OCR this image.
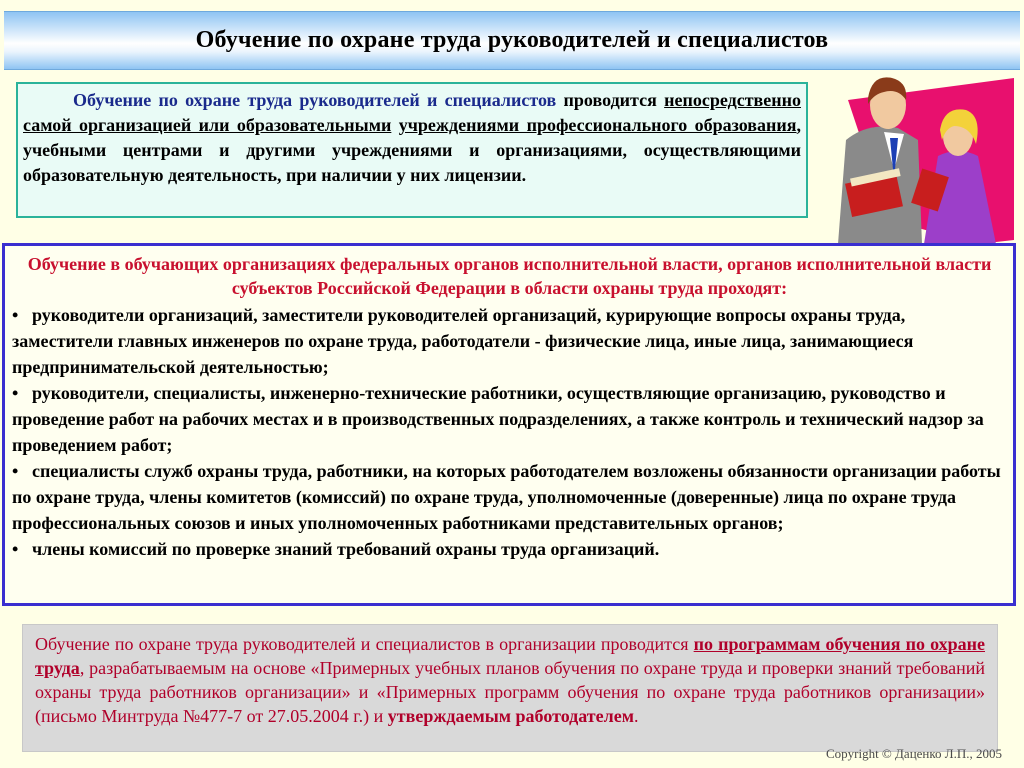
Обучение по охране труда руководителей и специалистов
Обучение по охране труда руководителей и специалистов проводится непосредственно самой организацией или образовательными учреждениями профессионального образования, учебными центрами и другими учреждениями и организациями, осуществляющими образовательную деятельность, при наличии у них лицензии.
Обучение в обучающих организациях федеральных органов исполнительной власти, органов исполнительной власти субъектов Российской Федерации в области охраны труда проходят:
• руководители организаций, заместители руководителей организаций, курирующие вопросы охраны труда, заместители главных инженеров по охране труда, работодатели - физические лица, иные лица, занимающиеся предпринимательской деятельностью;
• руководители, специалисты, инженерно-технические работники, осуществляющие организацию, руководство и проведение работ на рабочих местах и в производственных подразделениях, а также контроль и технический надзор за проведением работ;
• специалисты служб охраны труда, работники, на которых работодателем возложены обязанности организации работы по охране труда, члены комитетов (комиссий) по охране труда, уполномоченные (доверенные) лица по охране труда профессиональных союзов и иных уполномоченных работниками представительных органов;
• члены комиссий по проверке знаний требований охраны труда организаций.
Обучение по охране труда руководителей и специалистов в организации проводится по программам обучения по охране труда, разрабатываемым на основе «Примерных учебных планов обучения по охране труда и проверки знаний требований охраны труда работников организации» и «Примерных программ обучения по охране труда работников организации» (письмо Минтруда №477-7 от 27.05.2004 г.) и утверждаемым работодателем.
Copyright © Даценко Л.П., 2005
